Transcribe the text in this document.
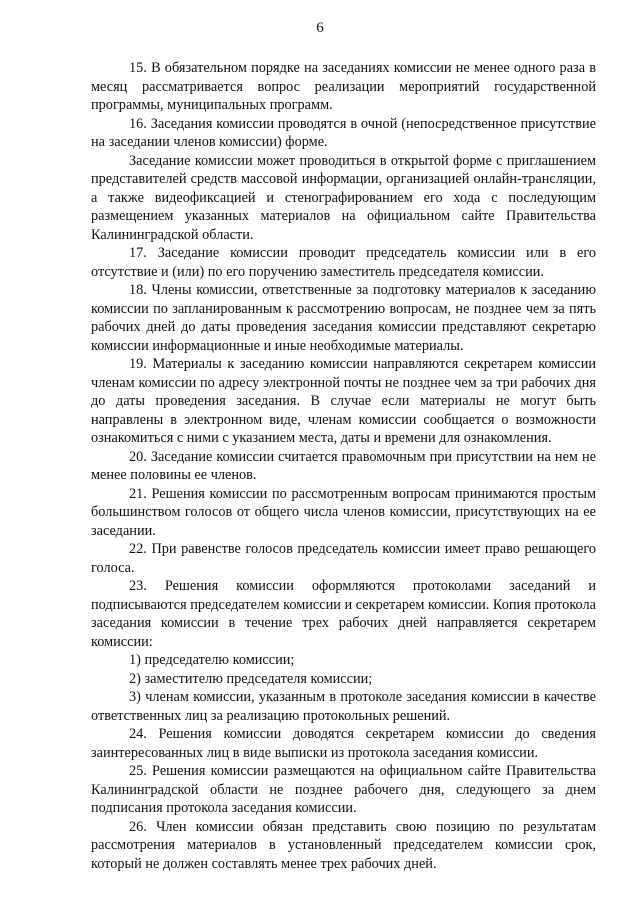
6

15. В обязательном порядке на заседаниях комиссии не менее одного раза в месяц рассматривается вопрос реализации мероприятий государственной программы, муниципальных программ.

16. Заседания комиссии проводятся в очной (непосредственное присутствие на заседании членов комиссии) форме.

Заседание комиссии может проводиться в открытой форме с приглашением представителей средств массовой информации, организацией онлайн-трансляции, а также видеофиксацией и стенографированием его хода с последующим размещением указанных материалов на официальном сайте Правительства Калининградской области.

17. Заседание комиссии проводит председатель комиссии или в его отсутствие и (или) по его поручению заместитель председателя комиссии.

18. Члены комиссии, ответственные за подготовку материалов к заседанию комиссии по запланированным к рассмотрению вопросам, не позднее чем за пять рабочих дней до даты проведения заседания комиссии представляют секретарю комиссии информационные и иные необходимые материалы.

19. Материалы к заседанию комиссии направляются секретарем комиссии членам комиссии по адресу электронной почты не позднее чем за три рабочих дня до даты проведения заседания. В случае если материалы не могут быть направлены в электронном виде, членам комиссии сообщается о возможности ознакомиться с ними с указанием места, даты и времени для ознакомления.

20. Заседание комиссии считается правомочным при присутствии на нем не менее половины ее членов.

21. Решения комиссии по рассмотренным вопросам принимаются простым большинством голосов от общего числа членов комиссии, присутствующих на ее заседании.

22. При равенстве голосов председатель комиссии имеет право решающего голоса.

23. Решения комиссии оформляются протоколами заседаний и подписываются председателем комиссии и секретарем комиссии. Копия протокола заседания комиссии в течение трех рабочих дней направляется секретарем комиссии:

1) председателю комиссии;

2) заместителю председателя комиссии;

3) членам комиссии, указанным в протоколе заседания комиссии в качестве ответственных лиц за реализацию протокольных решений.

24. Решения комиссии доводятся секретарем комиссии до сведения заинтересованных лиц в виде выписки из протокола заседания комиссии.

25. Решения комиссии размещаются на официальном сайте Правительства Калининградской области не позднее рабочего дня, следующего за днем подписания протокола заседания комиссии.

26. Член комиссии обязан представить свою позицию по результатам рассмотрения материалов в установленный председателем комиссии срок, который не должен составлять менее трех рабочих дней.
